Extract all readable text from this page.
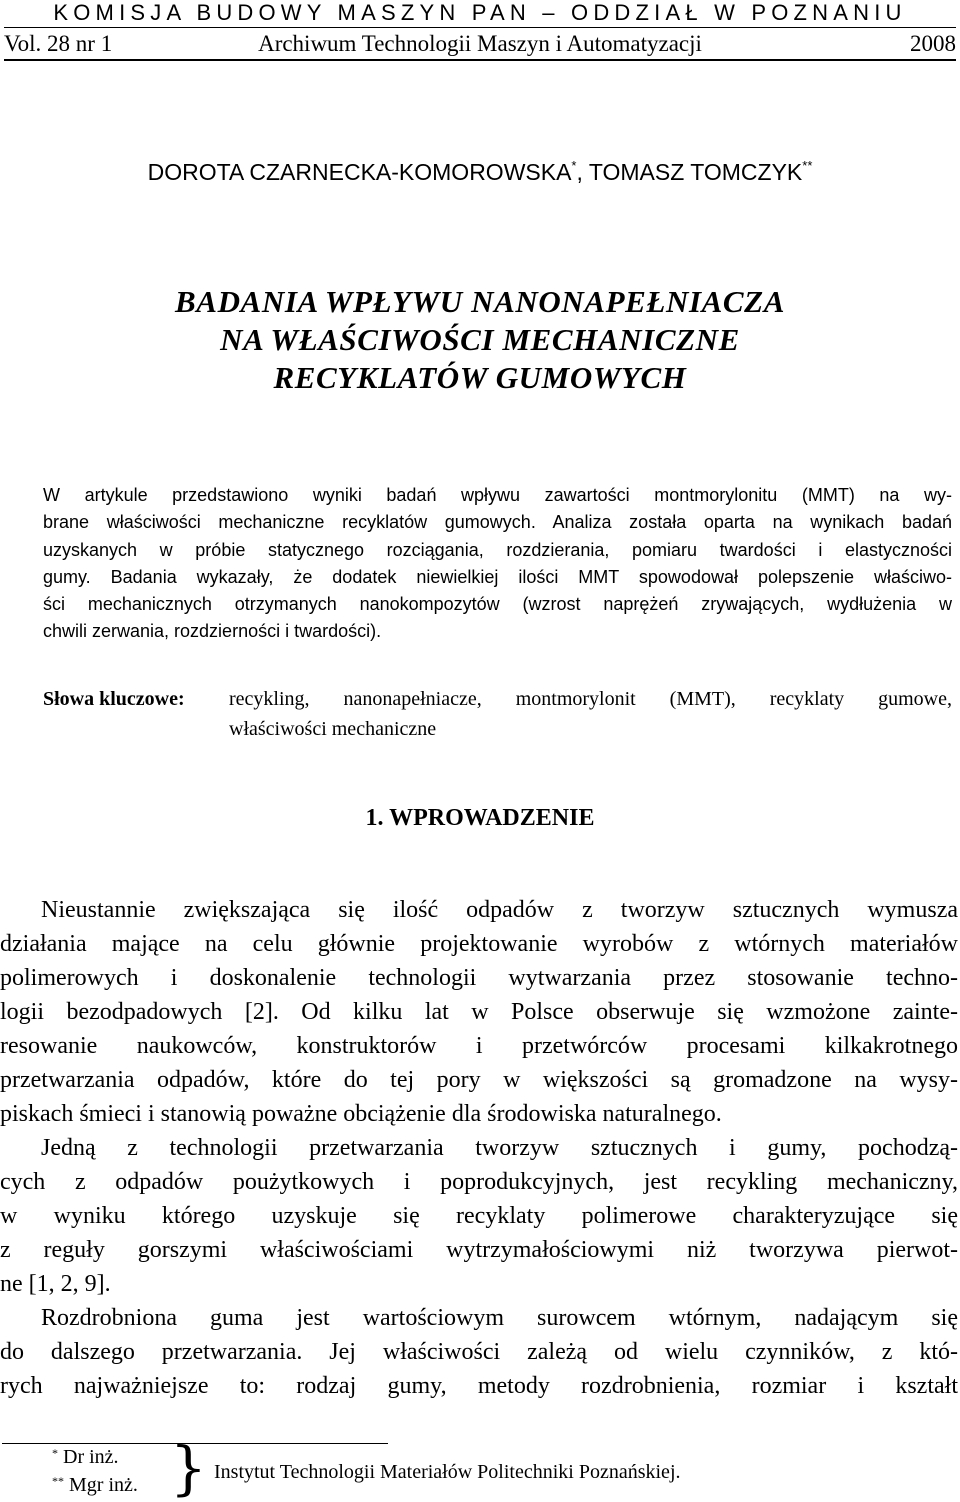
KOMISJA BUDOWY MASZYN PAN – ODDZIAŁ W POZNANIU
Vol. 28 nr 1	Archiwum Technologii Maszyn i Automatyzacji	2008
DOROTA CZARNECKA-KOMOROWSKA*, TOMASZ TOMCZYK**
BADANIA WPŁYWU NANONAPEŁNIACZA
NA WŁAŚCIWOŚCI MECHANICZNE
RECYKLATÓW GUMOWYCH
W artykule przedstawiono wyniki badań wpływu zawartości montmorylonitu (MMT) na wy-
brane właściwości mechaniczne recyklatów gumowych. Analiza została oparta na wynikach badań
uzyskanych w próbie statycznego rozciągania, rozdzierania, pomiaru twardości i elastyczności
gumy. Badania wykazały, że dodatek niewielkiej ilości MMT spowodował polepszenie właściwo-
ści mechanicznych otrzymanych nanokompozytów (wzrost naprężeń zrywających, wydłużenia w
chwili zerwania, rozdzierności i twardości).
Słowa kluczowe: recykling, nanonapełniacze, montmorylonit (MMT), recyklaty gumowe,
właściwości mechaniczne
1. WPROWADZENIE
Nieustannie zwiększająca się ilość odpadów z tworzyw sztucznych wymusza
działania mające na celu głównie projektowanie wyrobów z wtórnych materiałów
polimerowych i doskonalenie technologii wytwarzania przez stosowanie techno-
logii bezodpadowych [2]. Od kilku lat w Polsce obserwuje się wzmożone zainte-
resowanie naukowców, konstruktorów i przetwórców procesami kilkakrotnego
przetwarzania odpadów, które do tej pory w większości są gromadzone na wysy-
piskach śmieci i stanowią poważne obciążenie dla środowiska naturalnego.
Jedną z technologii przetwarzania tworzyw sztucznych i gumy, pochodzą-
cych z odpadów poużytkowych i poprodukcyjnych, jest recykling mechaniczny,
w wyniku którego uzyskuje się recyklaty polimerowe charakteryzujące się
z reguły gorszymi właściwościami wytrzymałościowymi niż tworzywa pierwot-
ne [1, 2, 9].
Rozdrobniona guma jest wartościowym surowcem wtórnym, nadającym się
do dalszego przetwarzania. Jej właściwości zależą od wielu czynników, z któ-
rych najważniejsze to: rodzaj gumy, metody rozdrobnienia, rozmiar i kształt
* Dr inż.
** Mgr inż. } Instytut Technologii Materiałów Politechniki Poznańskiej.
